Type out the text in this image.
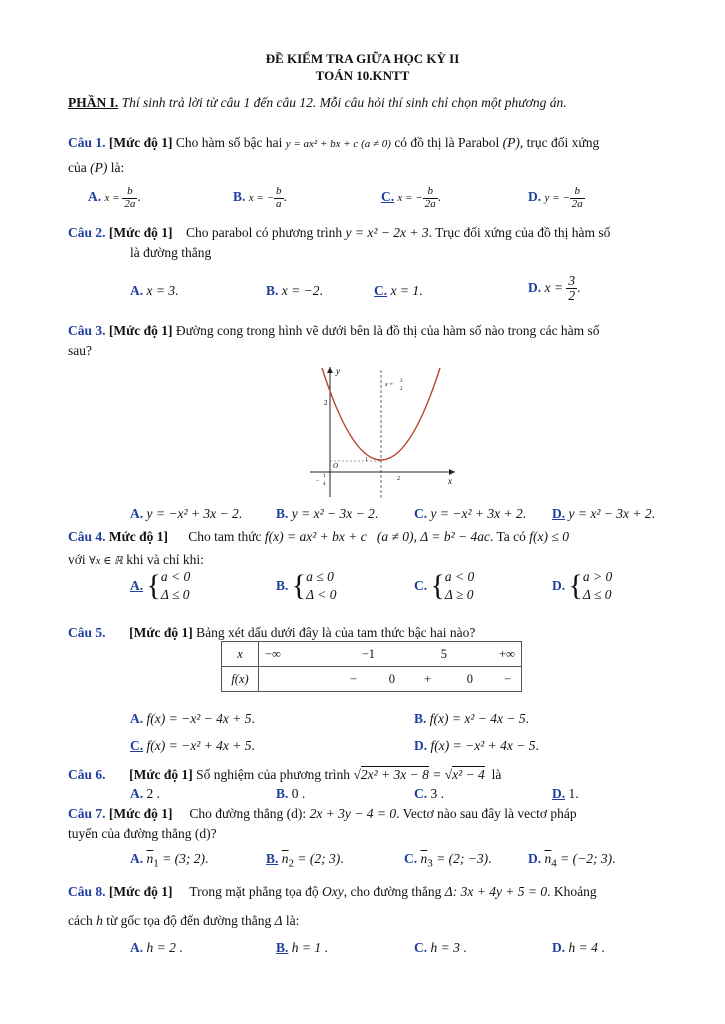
ĐỀ KIỂM TRA GIỮA HỌC KỲ II
TOÁN 10.KNTT
PHẦN I. Thí sinh trả lời từ câu 1 đến câu 12. Mỗi câu hỏi thí sinh chỉ chọn một phương án.
Câu 1. [Mức độ 1] Cho hàm số bậc hai y = ax² + bx + c (a ≠ 0) có đồ thị là Parabol (P), trục đối xứng
của (P) là:
A. $x = \frac{b}{2a}$ .	B. x = − $\frac{b}{a}$ .	C. x = − $\frac{b}{2a}$ .	D. y = − $\frac{b}{2a}$
Câu 2. [Mức độ 1] Cho parabol có phương trình y = x² − 2x + 3. Trục đối xứng của đồ thị hàm số
là đường thẳng
A. x = 3.	B. x = −2.	C. x = 1.	D. $x = \frac{3}{2}$ .
Câu 3. [Mức độ 1] Đường cong trong hình vẽ dưới bên là đồ thị của hàm số nào trong các hàm số
sau?
y
x
O
2
1
2
−
1
4
x =
3
2
A. y = −x² + 3x − 2.	B. y = x² − 3x − 2.	C. y = −x² + 3x + 2. D. y = x² − 3x + 2.
Câu 4. Mức độ 1] Cho tam thức f(x) = ax² + bx + c (a ≠ 0), Δ = b² − 4ac. Ta có f(x) ≤ 0
với ∀x ∈ ℝ khi và chỉ khi:
A. { a < 0
Δ ≤ 0
B. { a ≤ 0
Δ < 0
C. { a < 0
Δ ≥ 0
D. { a > 0
Δ ≤ 0
Câu 5. [Mức độ 1] Bảng xét dấu dưới đây là của tam thức bậc hai nào?
x	−∞ −1 5 +∞
f(x)	− 0 + 0 −
A. f(x) = −x² − 4x + 5.	B. f(x) = x² − 4x − 5.
C. f(x) = −x² + 4x + 5.	D. f(x) = −x² + 4x − 5.
Câu 6. [Mức độ 1] Số nghiệm của phương trình √2x² + 3x − 8 = √x² − 4 là
A. 2 .	B. 0 .	C. 3 .	D. 1.
Câu 7. [Mức độ 1] Cho đường thẳng (d): 2x + 3y − 4 = 0. Vectơ nào sau đây là vectơ pháp
tuyến của đường thẳng (d)?
A. $\overline{n}_1 = (3$; 2).	B. $\overline{n}_2 = (2$; 3).	C. $\overline{n}_3 = (2$; −3).	D. $\overline{n}_4 = (-2$; 3).
Câu 8. [Mức độ 1] Trong mặt phẳng tọa độ Oxy, cho đường thẳng Δ: 3x + 4y + 5 = 0. Khoảng
cách h từ gốc tọa độ đến đường thẳng Δ là:
A. h = 2 .	B. h = 1 .	C. h = 3 .	D. h = 4 .
